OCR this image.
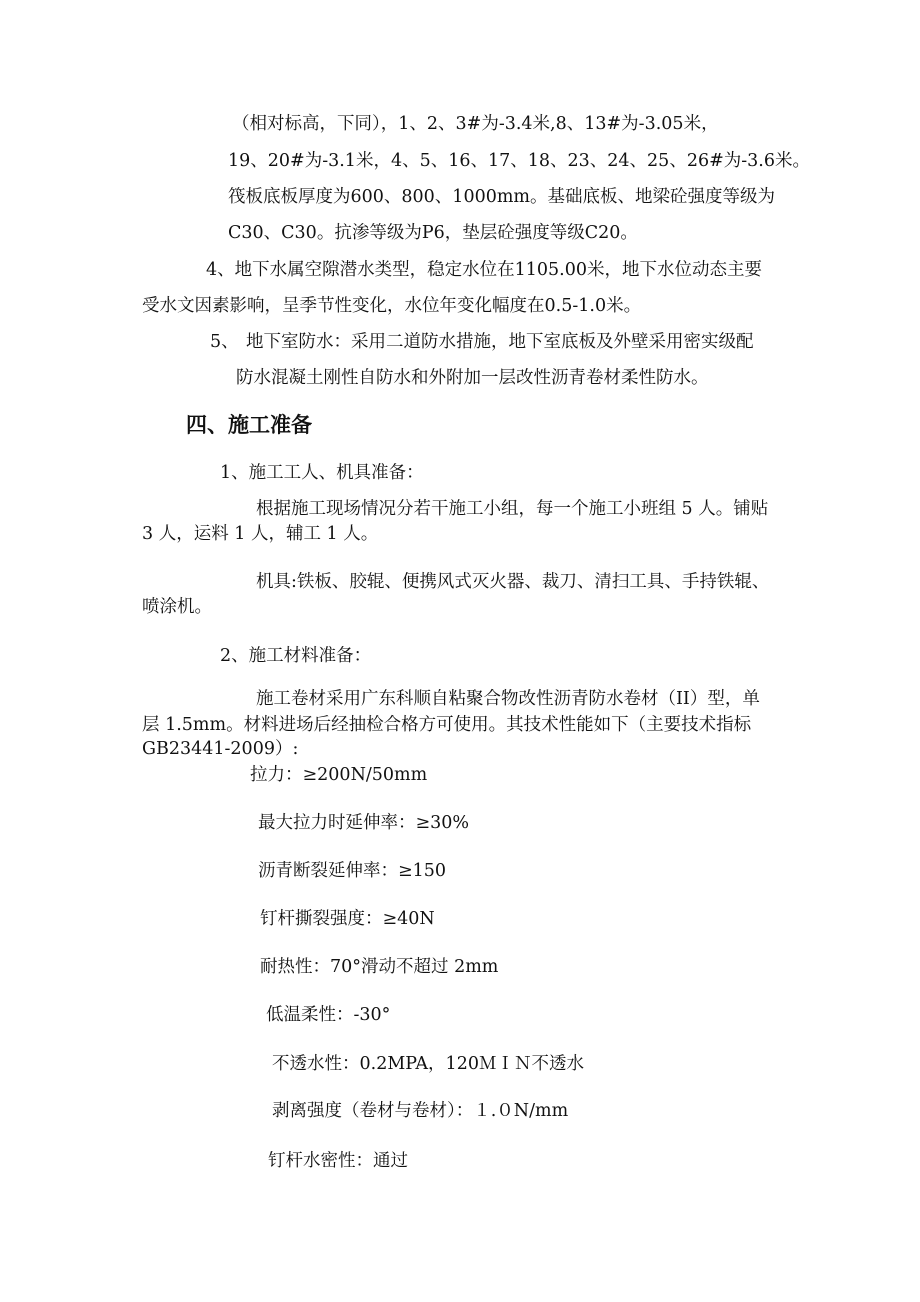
（相对标高，下同），1、2、3#为-3.4米,8、13#为-3.05米，
19、20#为-3.1米，4、5、16、17、18、23、24、25、26#为-3.6米。
筏板底板厚度为600、800、1000mm。基础底板、地梁砼强度等级为
C30、C30。抗渗等级为P6，垫层砼强度等级C20。
4、地下水属空隙潜水类型，稳定水位在1105.00米，地下水位动态主要
受水文因素影响，呈季节性变化，水位年变化幅度在0.5-1.0米。
5、 地下室防水：采用二道防水措施，地下室底板及外壁采用密实级配
防水混凝土刚性自防水和外附加一层改性沥青卷材柔性防水。
四、施工准备
1、施工工人、机具准备：
根据施工现场情况分若干施工小组，每一个施工小班组 5 人。铺贴
3 人，运料 1 人，辅工 1 人。
机具:铁板、胶辊、便携风式灭火器、裁刀、清扫工具、手持铁辊、
喷涂机。
2、施工材料准备：
施工卷材采用广东科顺自粘聚合物改性沥青防水卷材（II）型，单
层 1.5mm。材料进场后经抽检合格方可使用。其技术性能如下（主要技术指标
GB23441-2009）:
拉力：≥200N/50mm
最大拉力时延伸率：≥30%
沥青断裂延伸率：≥150
钉杆撕裂强度：≥40N
耐热性：70°滑动不超过 2mm
低温柔性：-30°
不透水性：0.2MPA，120ＭＩＮ不透水
剥离强度（卷材与卷材）：１.０N/mm
钉杆水密性：通过
